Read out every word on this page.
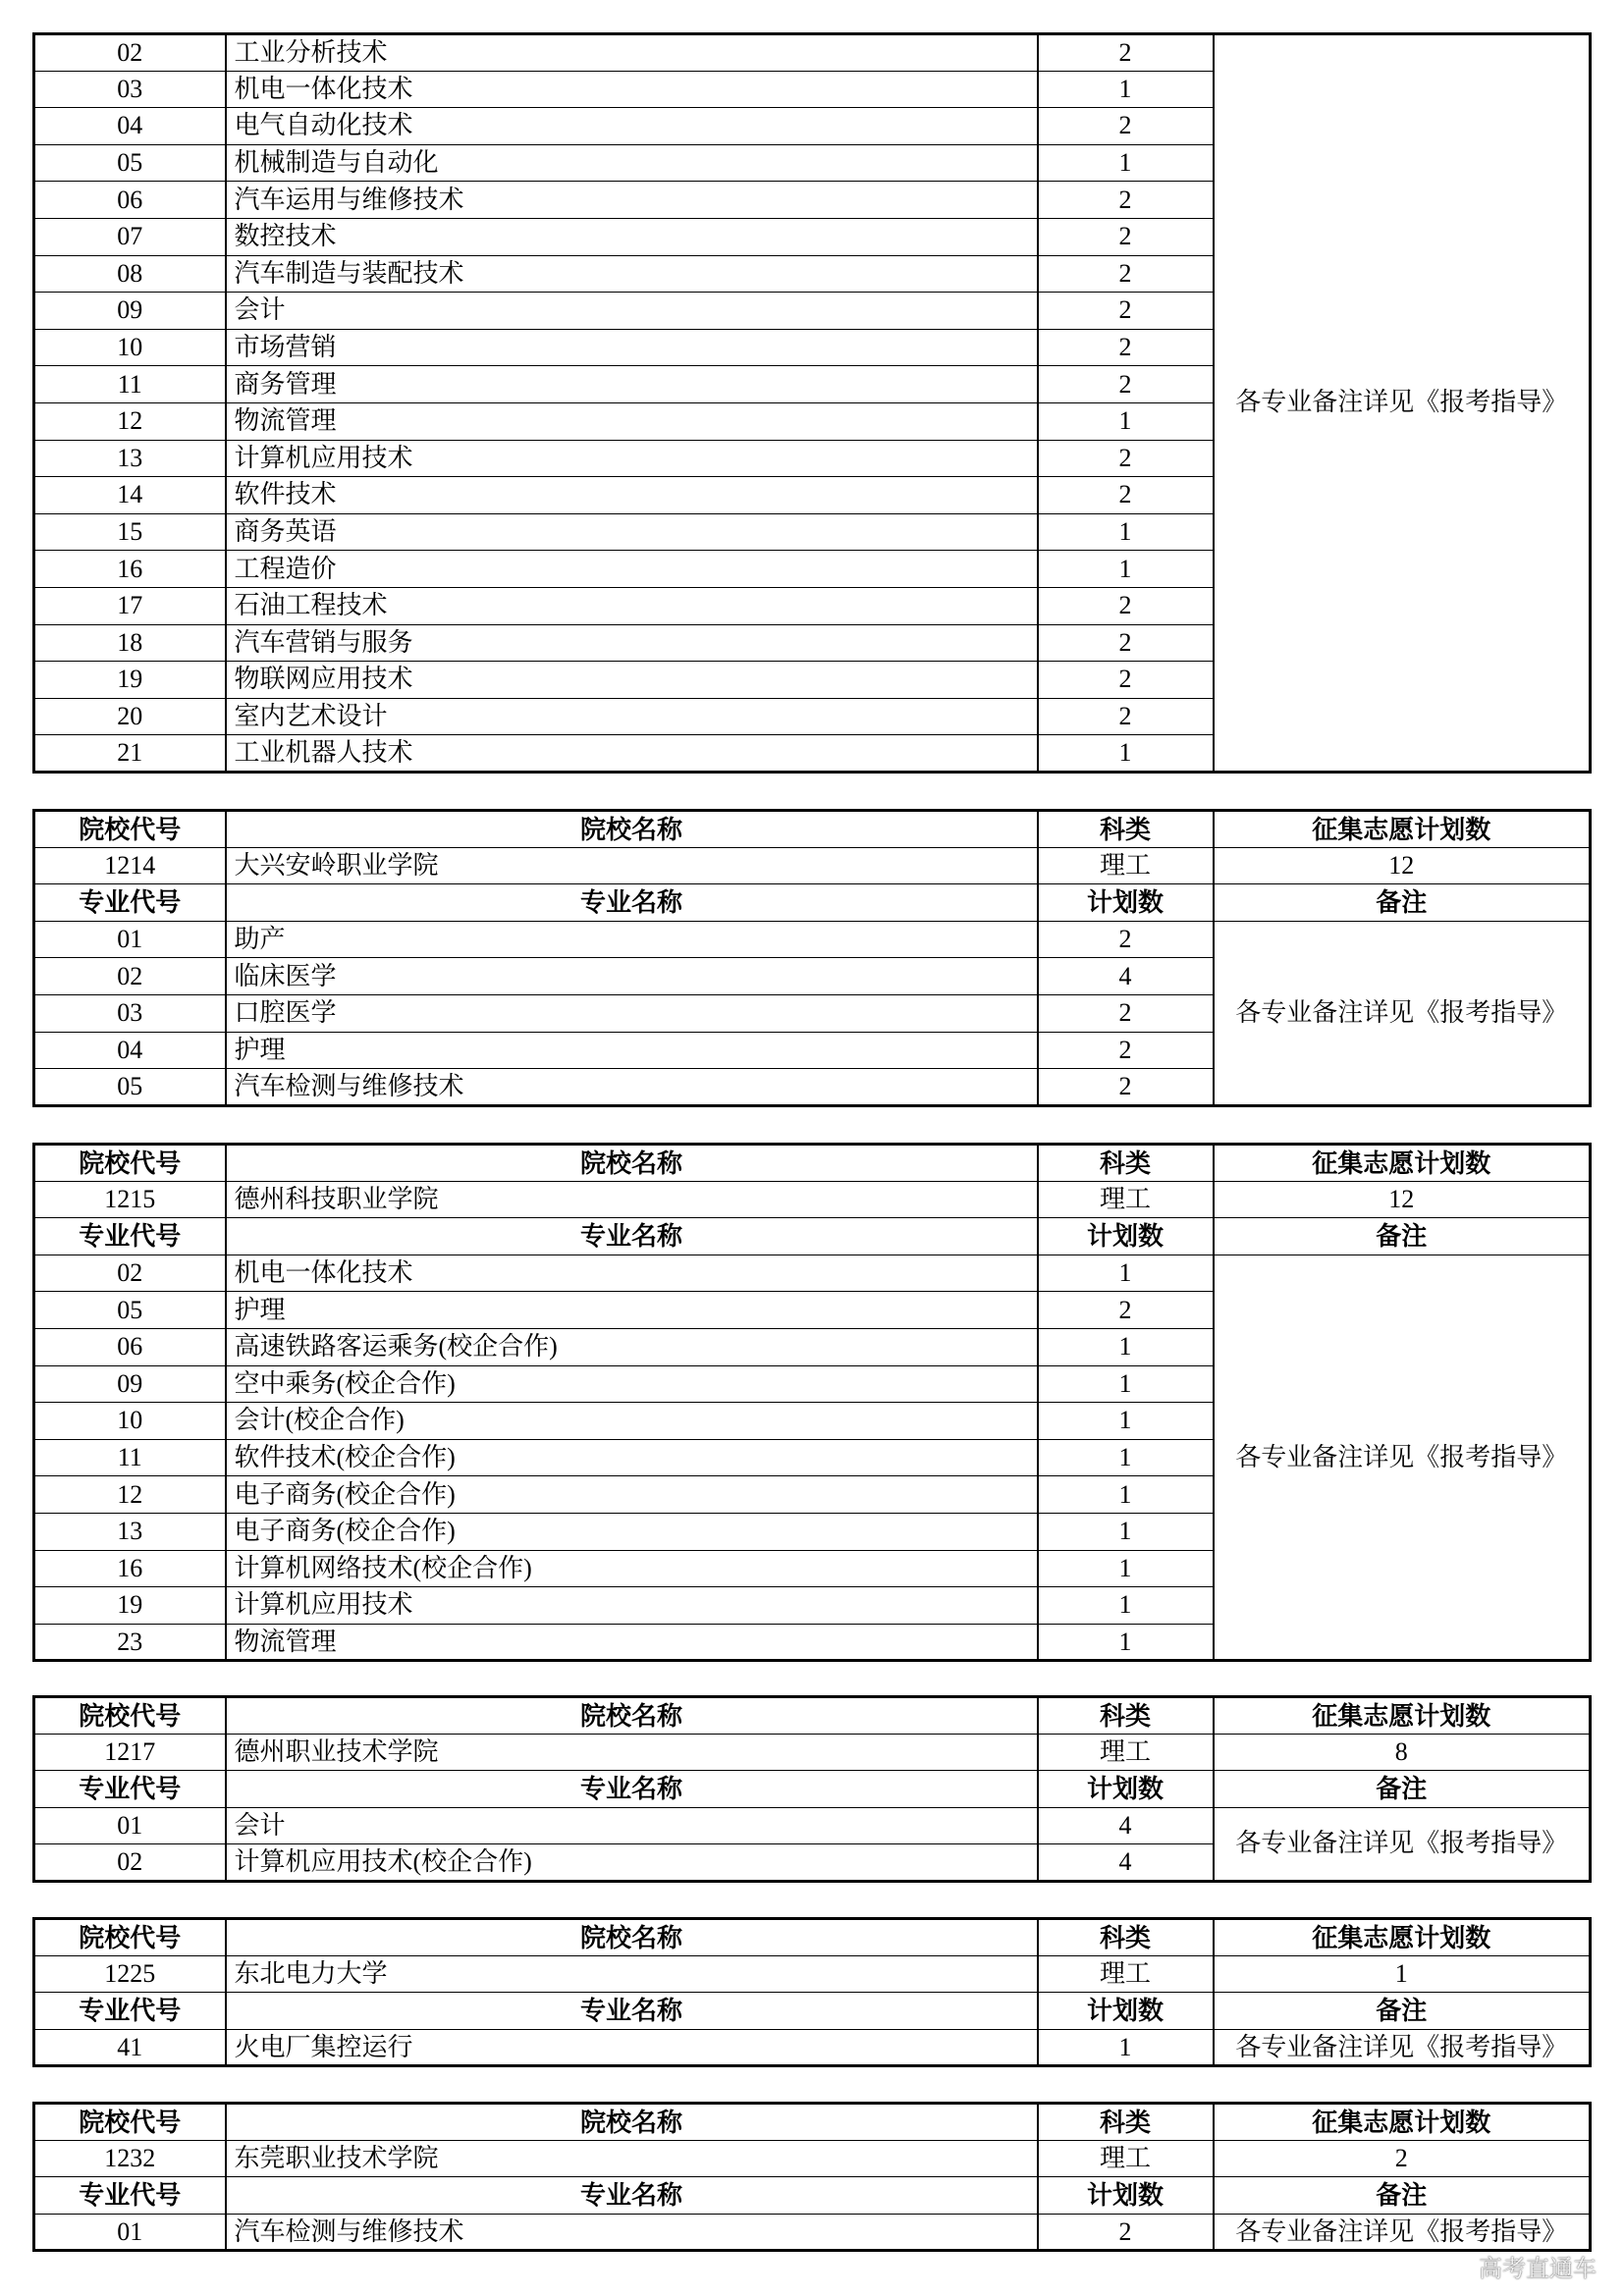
02	工业分析技术	2	各专业备注详见《报考指导》
03	机电一体化技术	1	
04	电气自动化技术	2	
05	机械制造与自动化	1	
06	汽车运用与维修技术	2	
07	数控技术	2	
08	汽车制造与装配技术	2	
09	会计	2	
10	市场营销	2	
11	商务管理	2	
12	物流管理	1	
13	计算机应用技术	2	
14	软件技术	2	
15	商务英语	1	
16	工程造价	1	
17	石油工程技术	2	
18	汽车营销与服务	2	
19	物联网应用技术	2	
20	室内艺术设计	2	
21	工业机器人技术	1	
院校代号	院校名称	科类	征集志愿计划数
1214	大兴安岭职业学院	理工	12
专业代号	专业名称	计划数	备注
01	助产	2	各专业备注详见《报考指导》
02	临床医学	4	
03	口腔医学	2	
04	护理	2	
05	汽车检测与维修技术	2	
院校代号	院校名称	科类	征集志愿计划数
1215	德州科技职业学院	理工	12
专业代号	专业名称	计划数	备注
02	机电一体化技术	1	各专业备注详见《报考指导》
05	护理	2	
06	高速铁路客运乘务(校企合作)	1	
09	空中乘务(校企合作)	1	
10	会计(校企合作)	1	
11	软件技术(校企合作)	1	
12	电子商务(校企合作)	1	
13	电子商务(校企合作)	1	
16	计算机网络技术(校企合作)	1	
19	计算机应用技术	1	
23	物流管理	1	
院校代号	院校名称	科类	征集志愿计划数
1217	德州职业技术学院	理工	8
专业代号	专业名称	计划数	备注
01	会计	4	各专业备注详见《报考指导》
02	计算机应用技术(校企合作)	4	
院校代号	院校名称	科类	征集志愿计划数
1225	东北电力大学	理工	1
专业代号	专业名称	计划数	备注
41	火电厂集控运行	1	各专业备注详见《报考指导》
院校代号	院校名称	科类	征集志愿计划数
1232	东莞职业技术学院	理工	2
专业代号	专业名称	计划数	备注
01	汽车检测与维修技术	2	各专业备注详见《报考指导》
高考直通车
